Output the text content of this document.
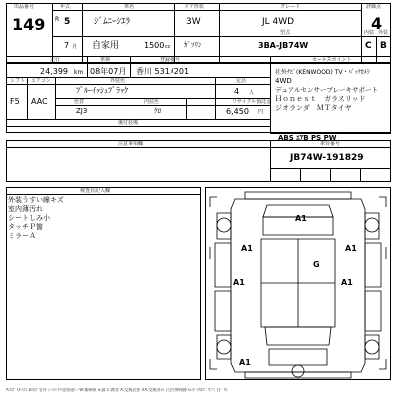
出品番号
149
年式
R 5
7 月
車名
ｼﾞﾑﾆｰｼｴﾗ
自家用
ドア形状
3W
1500 cc ｶﾞｿﾘﾝ
グレード
JL 4WD
型式
3BA-JB74W
評価点
4
内装 外装
C B
走行
24,399 km
車検
08年07月
登録番号
香川 531ﾒ201
セールスポイント
シフト
F5
エアコン
AAC
外装色
ﾌﾞﾙｰｲｯｼｭﾌﾞﾗｯｸ
定員
4 人
色替
ZJ3
内装色
ｸﾛ
リサイクル預託金
6,450 円
後付装備
社外ﾅﾋﾞ(KENWOOD) TV・ﾊﾞｯｸｶﾒﾗ
4WD
デュアルセンサーブレーキサポート
Ｈｏｎｅｓｔ　ガラスリッド
ジオランダ　ＭＴタイヤ
ABS ｴｱB PS PW
注意事項欄	車台番号
JB74W-191829
検査員記入欄
外装うすい線キズ
室内薄汚れ
シートしみ小
タッチＰ箇
ミラーＡ
A1
A1	A1
G
A1	A1
A1
A:ｷｽﾞ U:ﾍｺﾐ B:ｷｽﾞを伴うﾍｺﾐ P:塗装違い W:補修跡 S:錆 C:腐食 X:交換必要 XX:交換済み 凸凹:修理跡 G:ｶﾞﾗｽｷｽﾞ Y:穴 ﾋﾋﾞ ﾜﾚ
